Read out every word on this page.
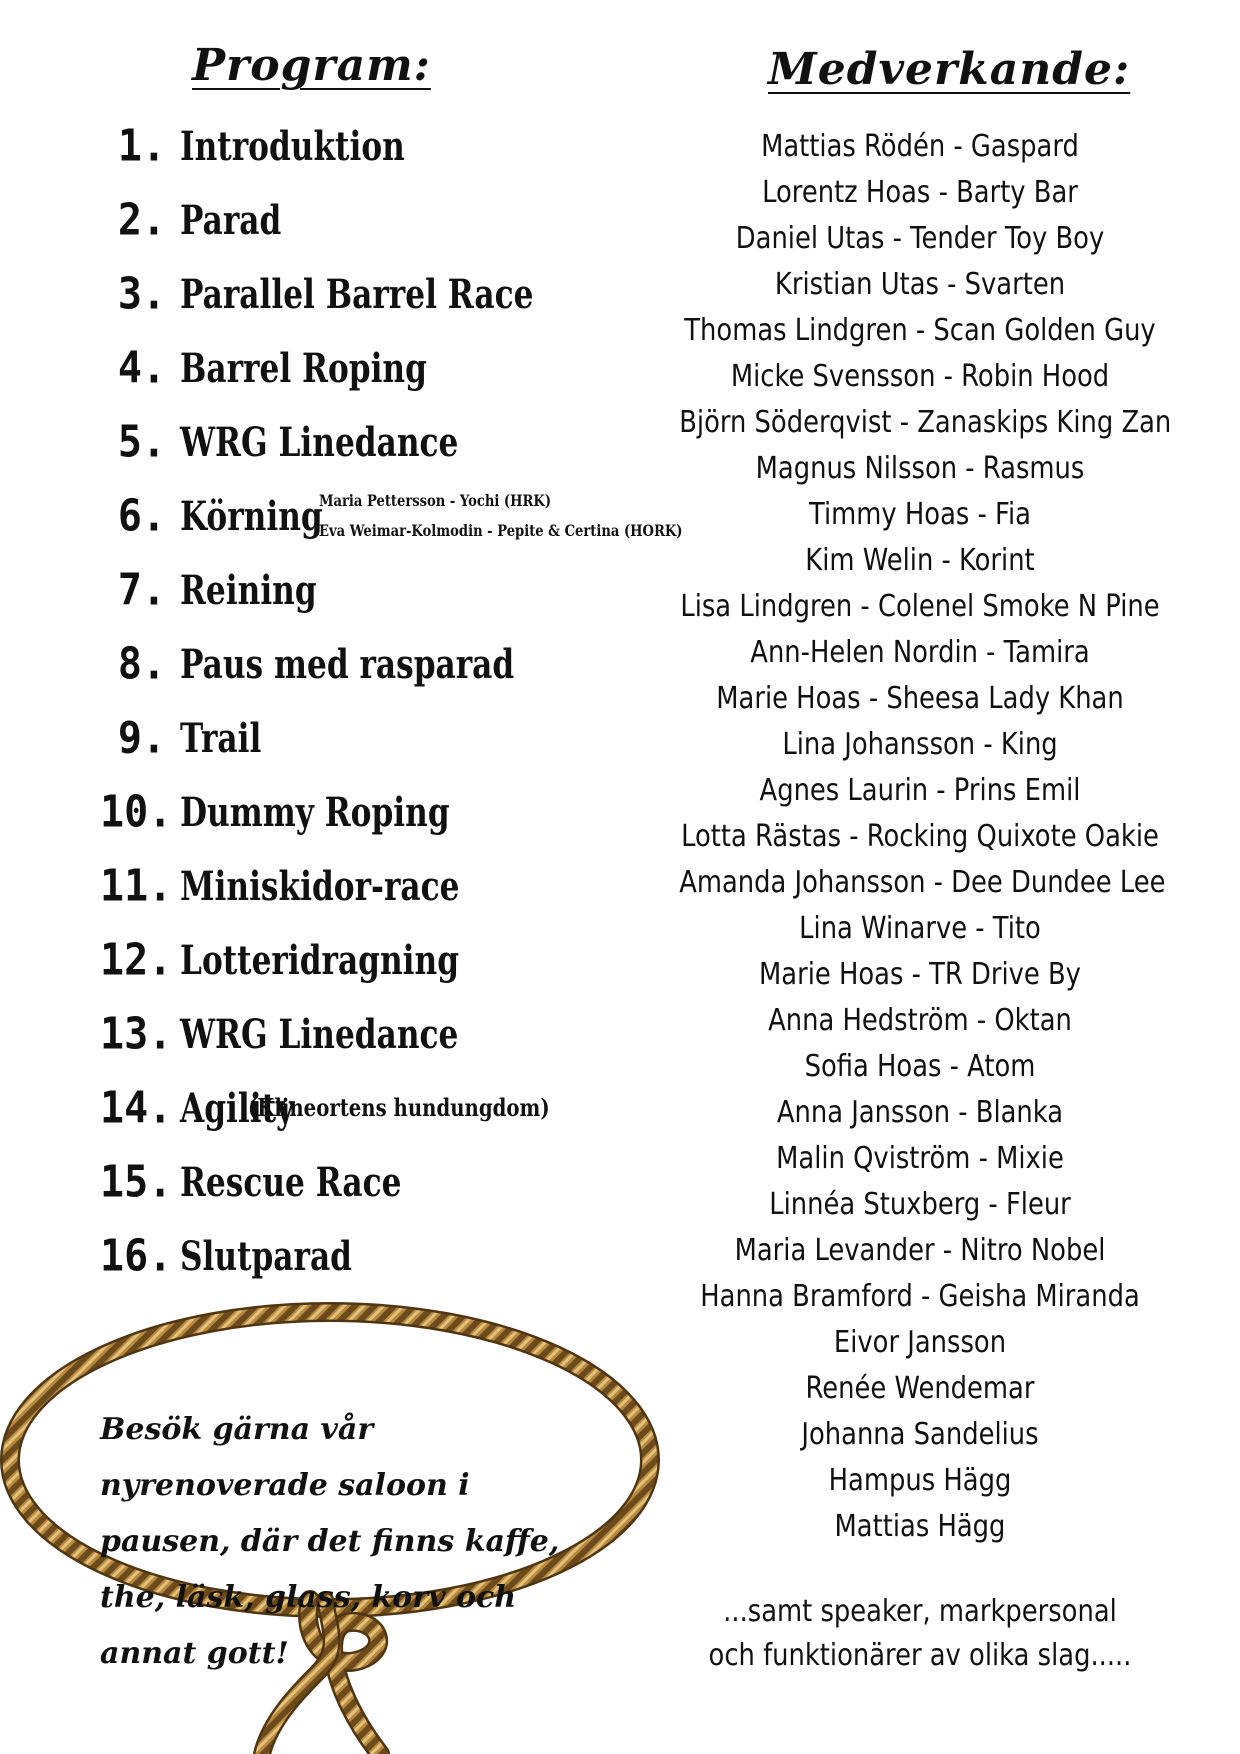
Program:	Medverkande:
1. Introduktion
2. Parad
3. Parallel Barrel Race
4. Barrel Roping
5. WRG Linedance
6. Körning
Maria Pettersson - Yochi (HRK)
Eva Weimar-Kolmodin - Pepite & Certina (HORK)
7. Reining
8. Paus med rasparad
9. Trail
10. Dummy Roping
11. Miniskidor-race
12. Lotteridragning
13. WRG Linedance
14. Agility
(Klineortens hundungdom)
15. Rescue Race
16. Slutparad
Mattias Rödén - Gaspard
Lorentz Hoas - Barty Bar
Daniel Utas - Tender Toy Boy
Kristian Utas - Svarten
Thomas Lindgren - Scan Golden Guy
Micke Svensson - Robin Hood
Björn Söderqvist - Zanaskips King Zan
Magnus Nilsson - Rasmus
Timmy Hoas - Fia
Kim Welin - Korint
Lisa Lindgren - Colenel Smoke N Pine
Ann-Helen Nordin - Tamira
Marie Hoas - Sheesa Lady Khan
Lina Johansson - King
Agnes Laurin - Prins Emil
Lotta Rästas - Rocking Quixote Oakie
Amanda Johansson - Dee Dundee Lee
Lina Winarve - Tito
Marie Hoas - TR Drive By
Anna Hedström - Oktan
Sofia Hoas - Atom
Anna Jansson - Blanka
Malin Qviström - Mixie
Linnéa Stuxberg - Fleur
Maria Levander - Nitro Nobel
Hanna Bramford - Geisha Miranda
Eivor Jansson
Renée Wendemar
Johanna Sandelius
Hampus Hägg
Mattias Hägg
...samt speaker, markpersonal
och funktionärer av olika slag.....

Besök gärna vår nyrenoverade saloon i pausen, där det finns kaffe, the, läsk, glass, korv och annat gott!
